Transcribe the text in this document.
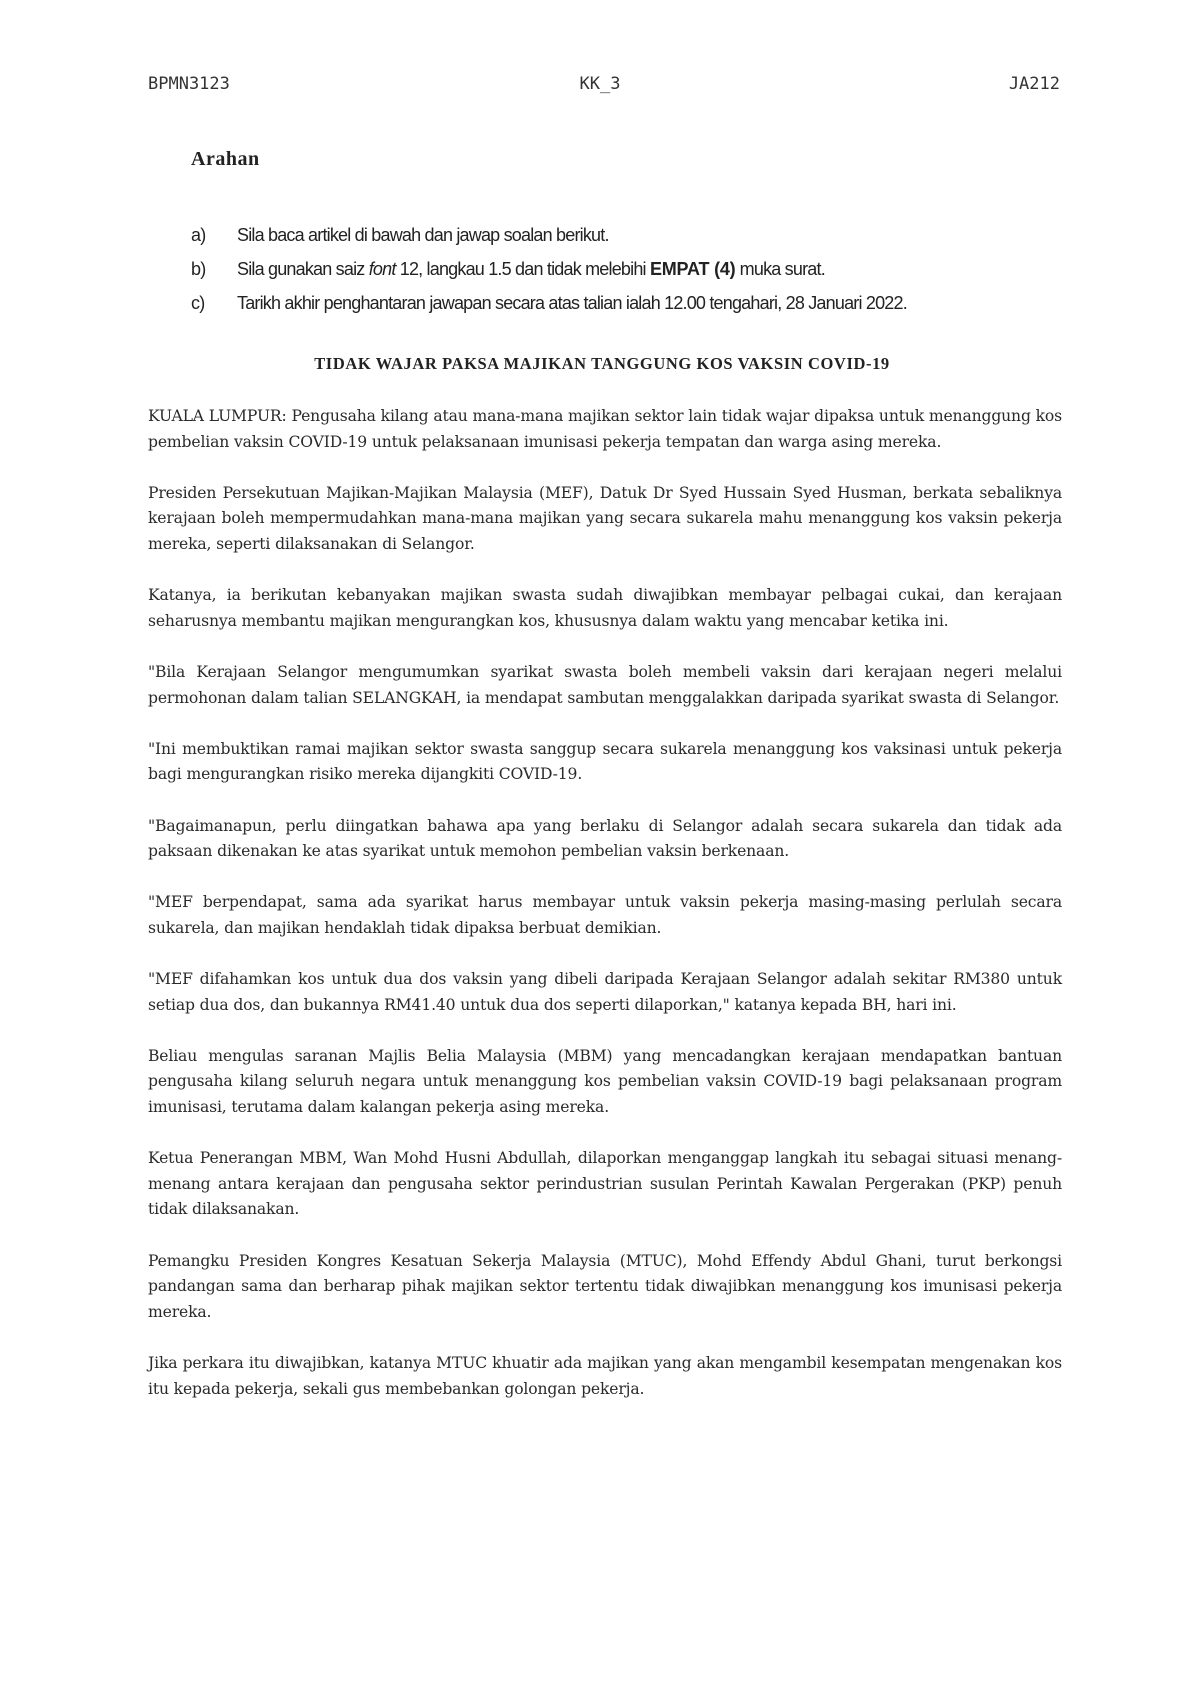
BPMN3123	KK_3	JA212
Arahan
a) Sila baca artikel di bawah dan jawap soalan berikut.
b) Sila gunakan saiz font 12, langkau 1.5 dan tidak melebihi EMPAT (4) muka surat.
c) Tarikh akhir penghantaran jawapan secara atas talian ialah 12.00 tengahari, 28 Januari 2022.
TIDAK WAJAR PAKSA MAJIKAN TANGGUNG KOS VAKSIN COVID-19

KUALA LUMPUR: Pengusaha kilang atau mana-mana majikan sektor lain tidak wajar dipaksa untuk menanggung kos pembelian vaksin COVID-19 untuk pelaksanaan imunisasi pekerja tempatan dan warga asing mereka.

Presiden Persekutuan Majikan-Majikan Malaysia (MEF), Datuk Dr Syed Hussain Syed Husman, berkata sebaliknya kerajaan boleh mempermudahkan mana-mana majikan yang secara sukarela mahu menanggung kos vaksin pekerja mereka, seperti dilaksanakan di Selangor.

Katanya, ia berikutan kebanyakan majikan swasta sudah diwajibkan membayar pelbagai cukai, dan kerajaan seharusnya membantu majikan mengurangkan kos, khususnya dalam waktu yang mencabar ketika ini.

"Bila Kerajaan Selangor mengumumkan syarikat swasta boleh membeli vaksin dari kerajaan negeri melalui permohonan dalam talian SELANGKAH, ia mendapat sambutan menggalakkan daripada syarikat swasta di Selangor.

"Ini membuktikan ramai majikan sektor swasta sanggup secara sukarela menanggung kos vaksinasi untuk pekerja bagi mengurangkan risiko mereka dijangkiti COVID-19.

"Bagaimanapun, perlu diingatkan bahawa apa yang berlaku di Selangor adalah secara sukarela dan tidak ada paksaan dikenakan ke atas syarikat untuk memohon pembelian vaksin berkenaan.

"MEF berpendapat, sama ada syarikat harus membayar untuk vaksin pekerja masing-masing perlulah secara sukarela, dan majikan hendaklah tidak dipaksa berbuat demikian.

"MEF difahamkan kos untuk dua dos vaksin yang dibeli daripada Kerajaan Selangor adalah sekitar RM380 untuk setiap dua dos, dan bukannya RM41.40 untuk dua dos seperti dilaporkan," katanya kepada BH, hari ini.

Beliau mengulas saranan Majlis Belia Malaysia (MBM) yang mencadangkan kerajaan mendapatkan bantuan pengusaha kilang seluruh negara untuk menanggung kos pembelian vaksin COVID-19 bagi pelaksanaan program imunisasi, terutama dalam kalangan pekerja asing mereka.

Ketua Penerangan MBM, Wan Mohd Husni Abdullah, dilaporkan menganggap langkah itu sebagai situasi menang-menang antara kerajaan dan pengusaha sektor perindustrian susulan Perintah Kawalan Pergerakan (PKP) penuh tidak dilaksanakan.

Pemangku Presiden Kongres Kesatuan Sekerja Malaysia (MTUC), Mohd Effendy Abdul Ghani, turut berkongsi pandangan sama dan berharap pihak majikan sektor tertentu tidak diwajibkan menanggung kos imunisasi pekerja mereka.

Jika perkara itu diwajibkan, katanya MTUC khuatir ada majikan yang akan mengambil kesempatan mengenakan kos itu kepada pekerja, sekali gus membebankan golongan pekerja.
